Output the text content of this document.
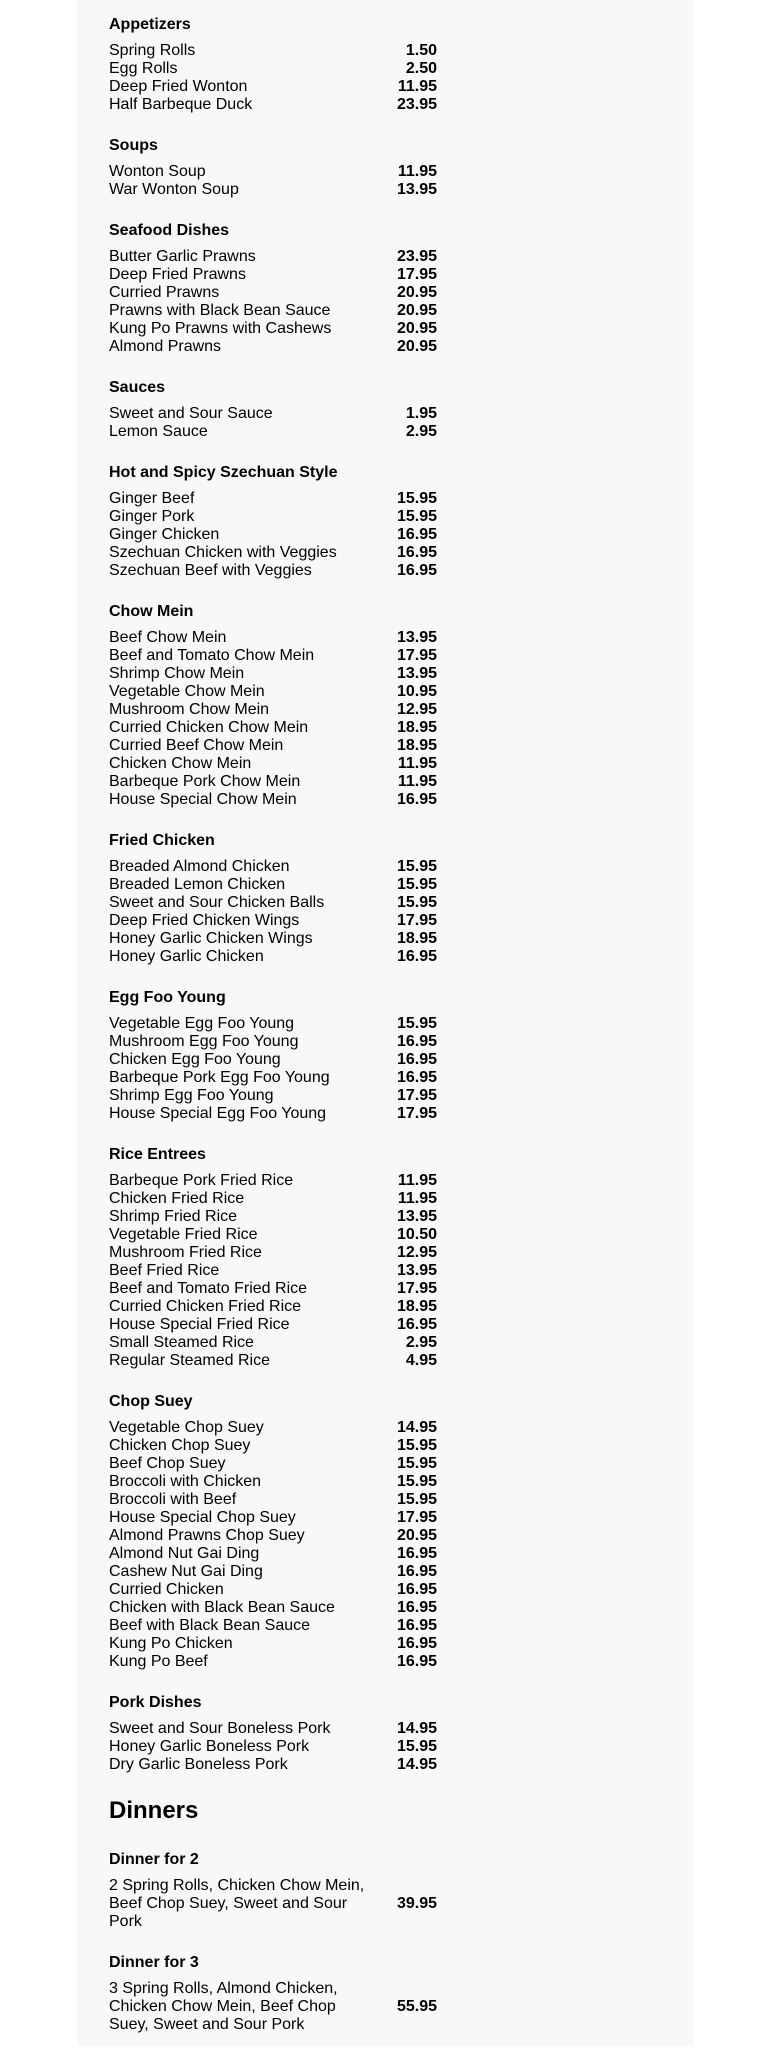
Appetizers
Spring Rolls	1.50
Egg Rolls	2.50
Deep Fried Wonton	11.95
Half Barbeque Duck	23.95
Soups
Wonton Soup	11.95
War Wonton Soup	13.95
Seafood Dishes
Butter Garlic Prawns	23.95
Deep Fried Prawns	17.95
Curried Prawns	20.95
Prawns with Black Bean Sauce	20.95
Kung Po Prawns with Cashews	20.95
Almond Prawns	20.95
Sauces
Sweet and Sour Sauce	1.95
Lemon Sauce	2.95
Hot and Spicy Szechuan Style
Ginger Beef	15.95
Ginger Pork	15.95
Ginger Chicken	16.95
Szechuan Chicken with Veggies	16.95
Szechuan Beef with Veggies	16.95
Chow Mein
Beef Chow Mein	13.95
Beef and Tomato Chow Mein	17.95
Shrimp Chow Mein	13.95
Vegetable Chow Mein	10.95
Mushroom Chow Mein	12.95
Curried Chicken Chow Mein	18.95
Curried Beef Chow Mein	18.95
Chicken Chow Mein	11.95
Barbeque Pork Chow Mein	11.95
House Special Chow Mein	16.95
Fried Chicken
Breaded Almond Chicken	15.95
Breaded Lemon Chicken	15.95
Sweet and Sour Chicken Balls	15.95
Deep Fried Chicken Wings	17.95
Honey Garlic Chicken Wings	18.95
Honey Garlic Chicken	16.95
Egg Foo Young
Vegetable Egg Foo Young	15.95
Mushroom Egg Foo Young	16.95
Chicken Egg Foo Young	16.95
Barbeque Pork Egg Foo Young	16.95
Shrimp Egg Foo Young	17.95
House Special Egg Foo Young	17.95
Rice Entrees
Barbeque Pork Fried Rice	11.95
Chicken Fried Rice	11.95
Shrimp Fried Rice	13.95
Vegetable Fried Rice	10.50
Mushroom Fried Rice	12.95
Beef Fried Rice	13.95
Beef and Tomato Fried Rice	17.95
Curried Chicken Fried Rice	18.95
House Special Fried Rice	16.95
Small Steamed Rice	2.95
Regular Steamed Rice	4.95
Chop Suey
Vegetable Chop Suey	14.95
Chicken Chop Suey	15.95
Beef Chop Suey	15.95
Broccoli with Chicken	15.95
Broccoli with Beef	15.95
House Special Chop Suey	17.95
Almond Prawns Chop Suey	20.95
Almond Nut Gai Ding	16.95
Cashew Nut Gai Ding	16.95
Curried Chicken	16.95
Chicken with Black Bean Sauce	16.95
Beef with Black Bean Sauce	16.95
Kung Po Chicken	16.95
Kung Po Beef	16.95
Pork Dishes
Sweet and Sour Boneless Pork	14.95
Honey Garlic Boneless Pork	15.95
Dry Garlic Boneless Pork	14.95
Dinners
Dinner for 2
2 Spring Rolls, Chicken Chow Mein, Beef Chop Suey, Sweet and Sour Pork
39.95
Dinner for 3
3 Spring Rolls, Almond Chicken, Chicken Chow Mein, Beef Chop Suey, Sweet and Sour Pork
55.95
